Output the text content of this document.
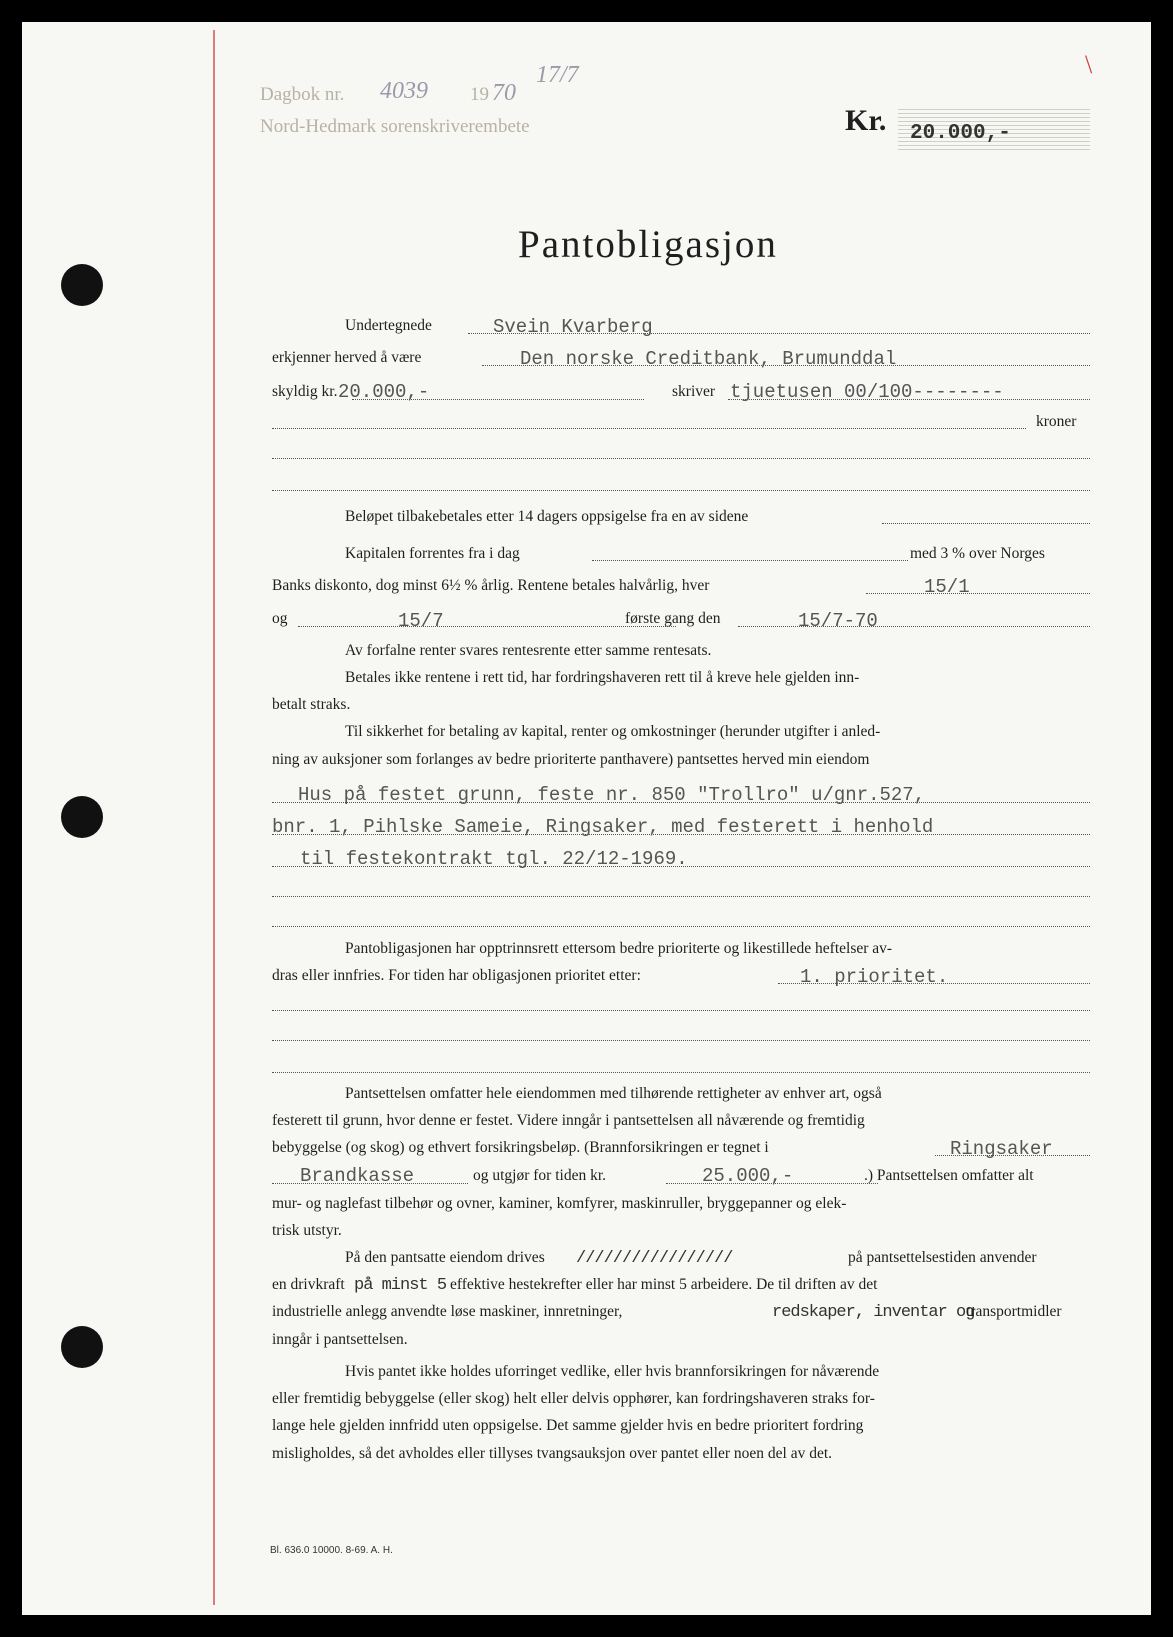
Dagbok nr. 4039 19 70
17/7
Nord-Hedmark sorenskriverembete
\
Kr. 20.000,-
Pantobligasjon
Undertegnede	Svein Kvarberg
erkjenner herved å være	Den norske Creditbank, Brumunddal
skyldig kr. 20.000,-	skriver tjuetusen 00/100--------
kroner
Beløpet tilbakebetales etter 14 dagers oppsigelse fra en av sidene
Kapitalen forrentes fra i dag	med 3 % over Norges
Banks diskonto, dog minst 6½ % årlig. Rentene betales halvårlig, hver	15/1
og	15/7	første gang den	15/7-70
Av forfalne renter svares rentesrente etter samme rentesats.
Betales ikke rentene i rett tid, har fordringshaveren rett til å kreve hele gjelden inn-
betalt straks.
Til sikkerhet for betaling av kapital, renter og omkostninger (herunder utgifter i anled-
ning av auksjoner som forlanges av bedre prioriterte panthavere) pantsettes herved min eiendom
Hus på festet grunn, feste nr. 850 "Trollro" u/gnr.527,
bnr. 1, Pihlske Sameie, Ringsaker, med festerett i henhold
til festekontrakt tgl. 22/12-1969.
Pantobligasjonen har opptrinnsrett ettersom bedre prioriterte og likestillede heftelser av-
dras eller innfries. For tiden har obligasjonen prioritet etter:	1. prioritet.
Pantsettelsen omfatter hele eiendommen med tilhørende rettigheter av enhver art, også
festerett til grunn, hvor denne er festet. Videre inngår i pantsettelsen all nåværende og fremtidig
bebyggelse (og skog) og ethvert forsikringsbeløp. (Brannforsikringen er tegnet i	Ringsaker
Brandkasse	og utgjør for tiden kr.	25.000,-	.) Pantsettelsen omfatter alt
mur- og naglefast tilbehør og ovner, kaminer, komfyrer, maskinruller, bryggepanner og elek-
trisk utstyr.
På den pantsatte eiendom drives /////////////////	på pantsettelsestiden anvender
en drivkraft på minst 5 effektive hestekrefter eller har minst 5 arbeidere. De til driften av det
industrielle anlegg anvendte løse maskiner, innretninger,	redskaper, inventar og
transportmidler
inngår i pantsettelsen.
Hvis pantet ikke holdes uforringet vedlike, eller hvis brannforsikringen for nåværende
eller fremtidig bebyggelse (eller skog) helt eller delvis opphører, kan fordringshaveren straks for-
lange hele gjelden innfridd uten oppsigelse. Det samme gjelder hvis en bedre prioritert fordring
misligholdes, så det avholdes eller tillyses tvangsauksjon over pantet eller noen del av det.
Bl. 636.0 10000. 8-69. A. H.
